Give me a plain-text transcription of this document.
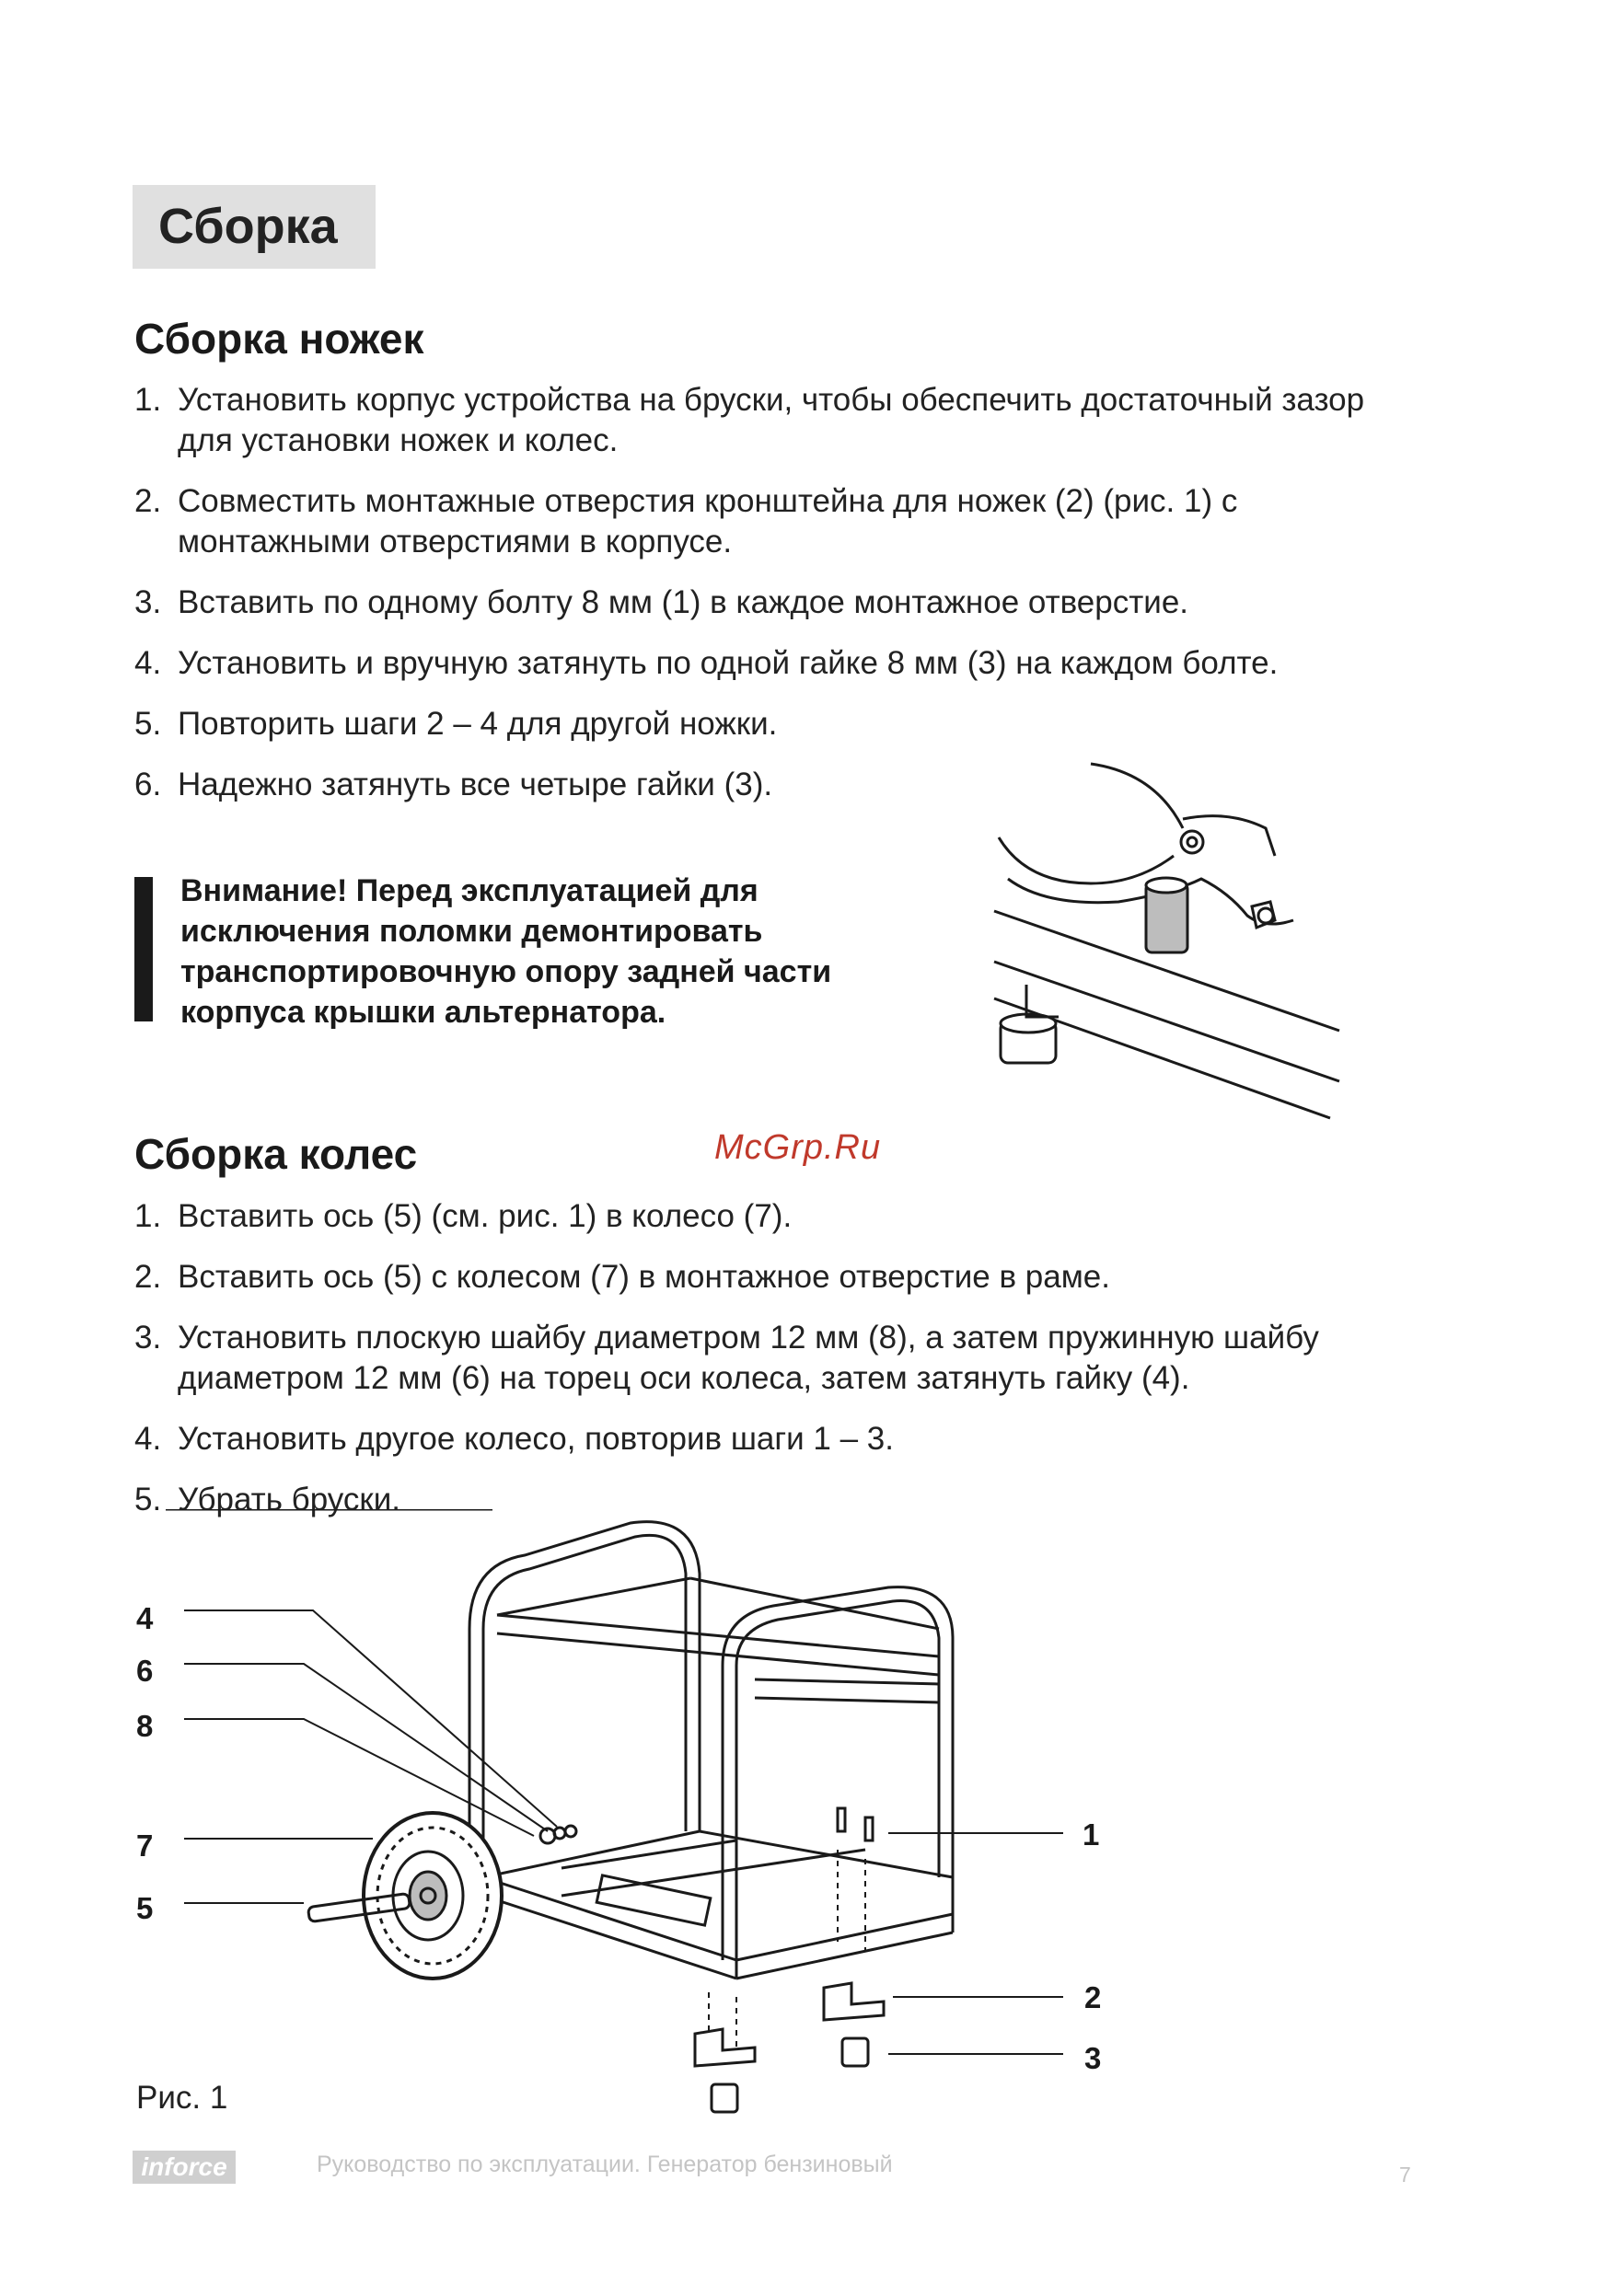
Сборка
Сборка ножек
1. Установить корпус устройства на бруски, чтобы обеспечить достаточный зазор для установки ножек и колес.
2. Совместить монтажные отверстия кронштейна для ножек (2) (рис. 1) с монтажными отверстиями в корпусе.
3. Вставить по одному болту 8 мм (1) в каждое монтажное отверстие.
4. Установить и вручную затянуть по одной гайке 8 мм (3) на каждом болте.
5. Повторить шаги 2 – 4 для другой ножки.
6. Надежно затянуть все четыре гайки (3).
Внимание! Перед эксплуатацией для исключения поломки демонтировать транспортировочную опору задней части корпуса крышки альтернатора.
McGrp.Ru
Сборка колес
1. Вставить ось (5) (см. рис. 1) в колесо (7).
2. Вставить ось (5) с колесом (7) в монтажное отверстие в раме.
3. Установить плоскую шайбу диаметром 12 мм (8), а затем пружинную шайбу диаметром 12 мм (6) на торец оси колеса, затем затянуть гайку (4).
4. Установить другое колесо, повторив шаги 1 – 3.
5. Убрать бруски.
4
6
8
7
5
1
2
3
Рис. 1
inforce	Руководство по эксплуатации. Генератор бензиновый	7
